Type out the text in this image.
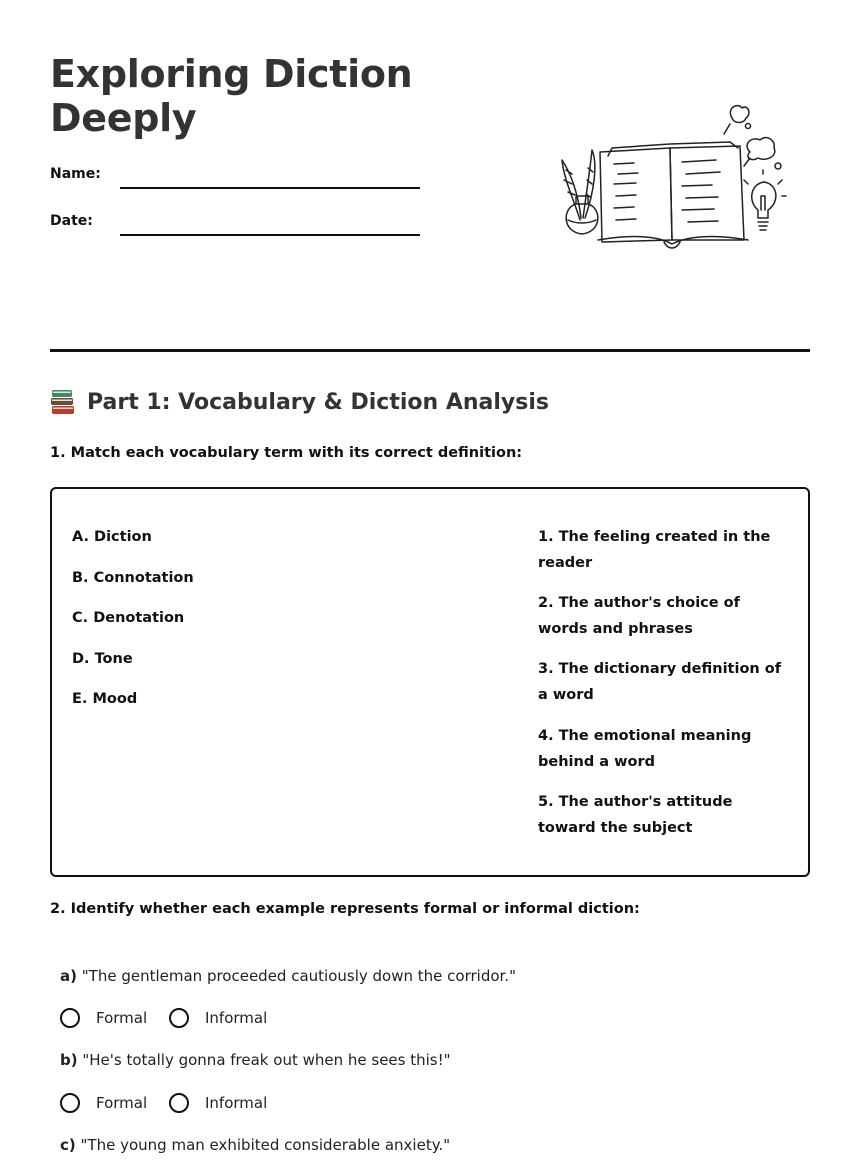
Exploring Diction Deeply
Name:
Date:
Part 1: Vocabulary & Diction Analysis
1. Match each vocabulary term with its correct definition:
A. Diction
B. Connotation
C. Denotation
D. Tone
E. Mood
1. The feeling created in the reader
2. The author's choice of words and phrases
3. The dictionary definition of a word
4. The emotional meaning behind a word
5. The author's attitude toward the subject
2. Identify whether each example represents formal or informal diction:
a) "The gentleman proceeded cautiously down the corridor."
Formal	Informal
b) "He's totally gonna freak out when he sees this!"
Formal	Informal
c) "The young man exhibited considerable anxiety."
